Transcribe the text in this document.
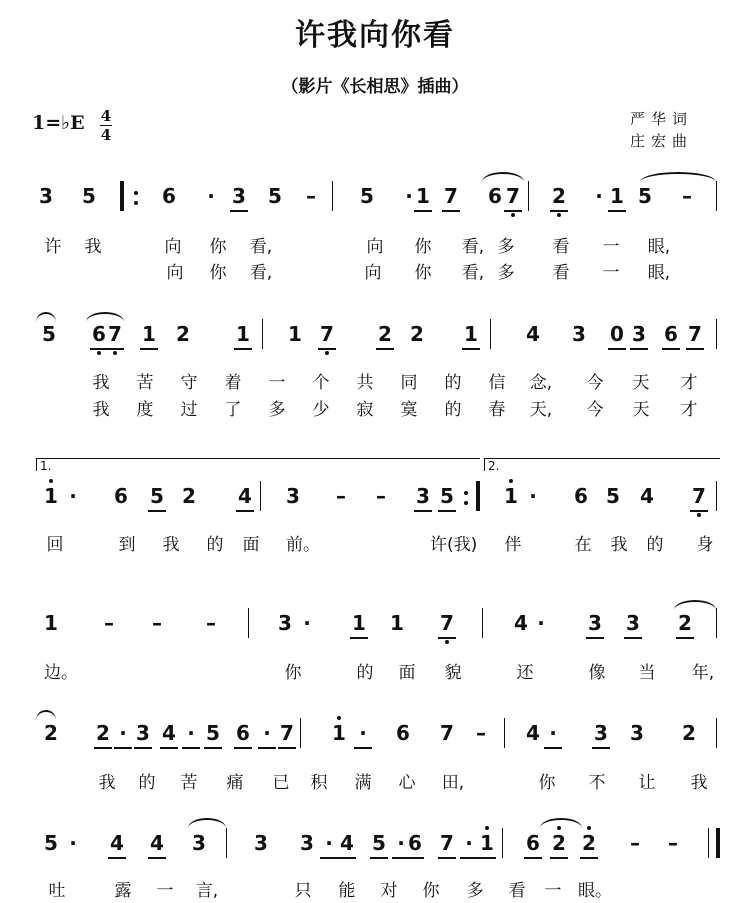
许我向你看
（影片《长相思》插曲）
1=♭E 4
4
严华词
庄宏曲
3 5	6	· 3 5	–	5	· 1 7 6 7 2	· 1 5	–
许 我	向 你 看,	向 你 看, 多 看 一 眼,
向 你 看,	向 你 看, 多 看 一 眼,
5 6 7 1 2 1 1 7 2 2 1 4 3 0 3 6 7
我 苦 守 着 一 个 共 同 的 信 念, 今 天 才
我 度 过 了 多 少 寂 寞 的 春 天, 今 天 才
1 ·	6 5 2 4 3	–	–	3 5	1 ·	6 5 4 7
1.	2.
回	到 我 的 面 前。	许(我) 伴	在 我 的 身
1	–	–	–	3 ·	1 1 7	4 ·	3 3 2
边。	你	的 面 貌	还	像 当 年,
2 2 · 3 4 · 5 6 · 7 1 ·	6 7	–	4 ·	3 3 2
我 的 苦 痛 已 积 满 心 田,	你 不 让 我
5 ·	4 4 3 3 3 · 4 5 · 6 7 · 1 6 2 2	–	–
吐	露 一 言,	只 能 对 你 多 看 一 眼。
